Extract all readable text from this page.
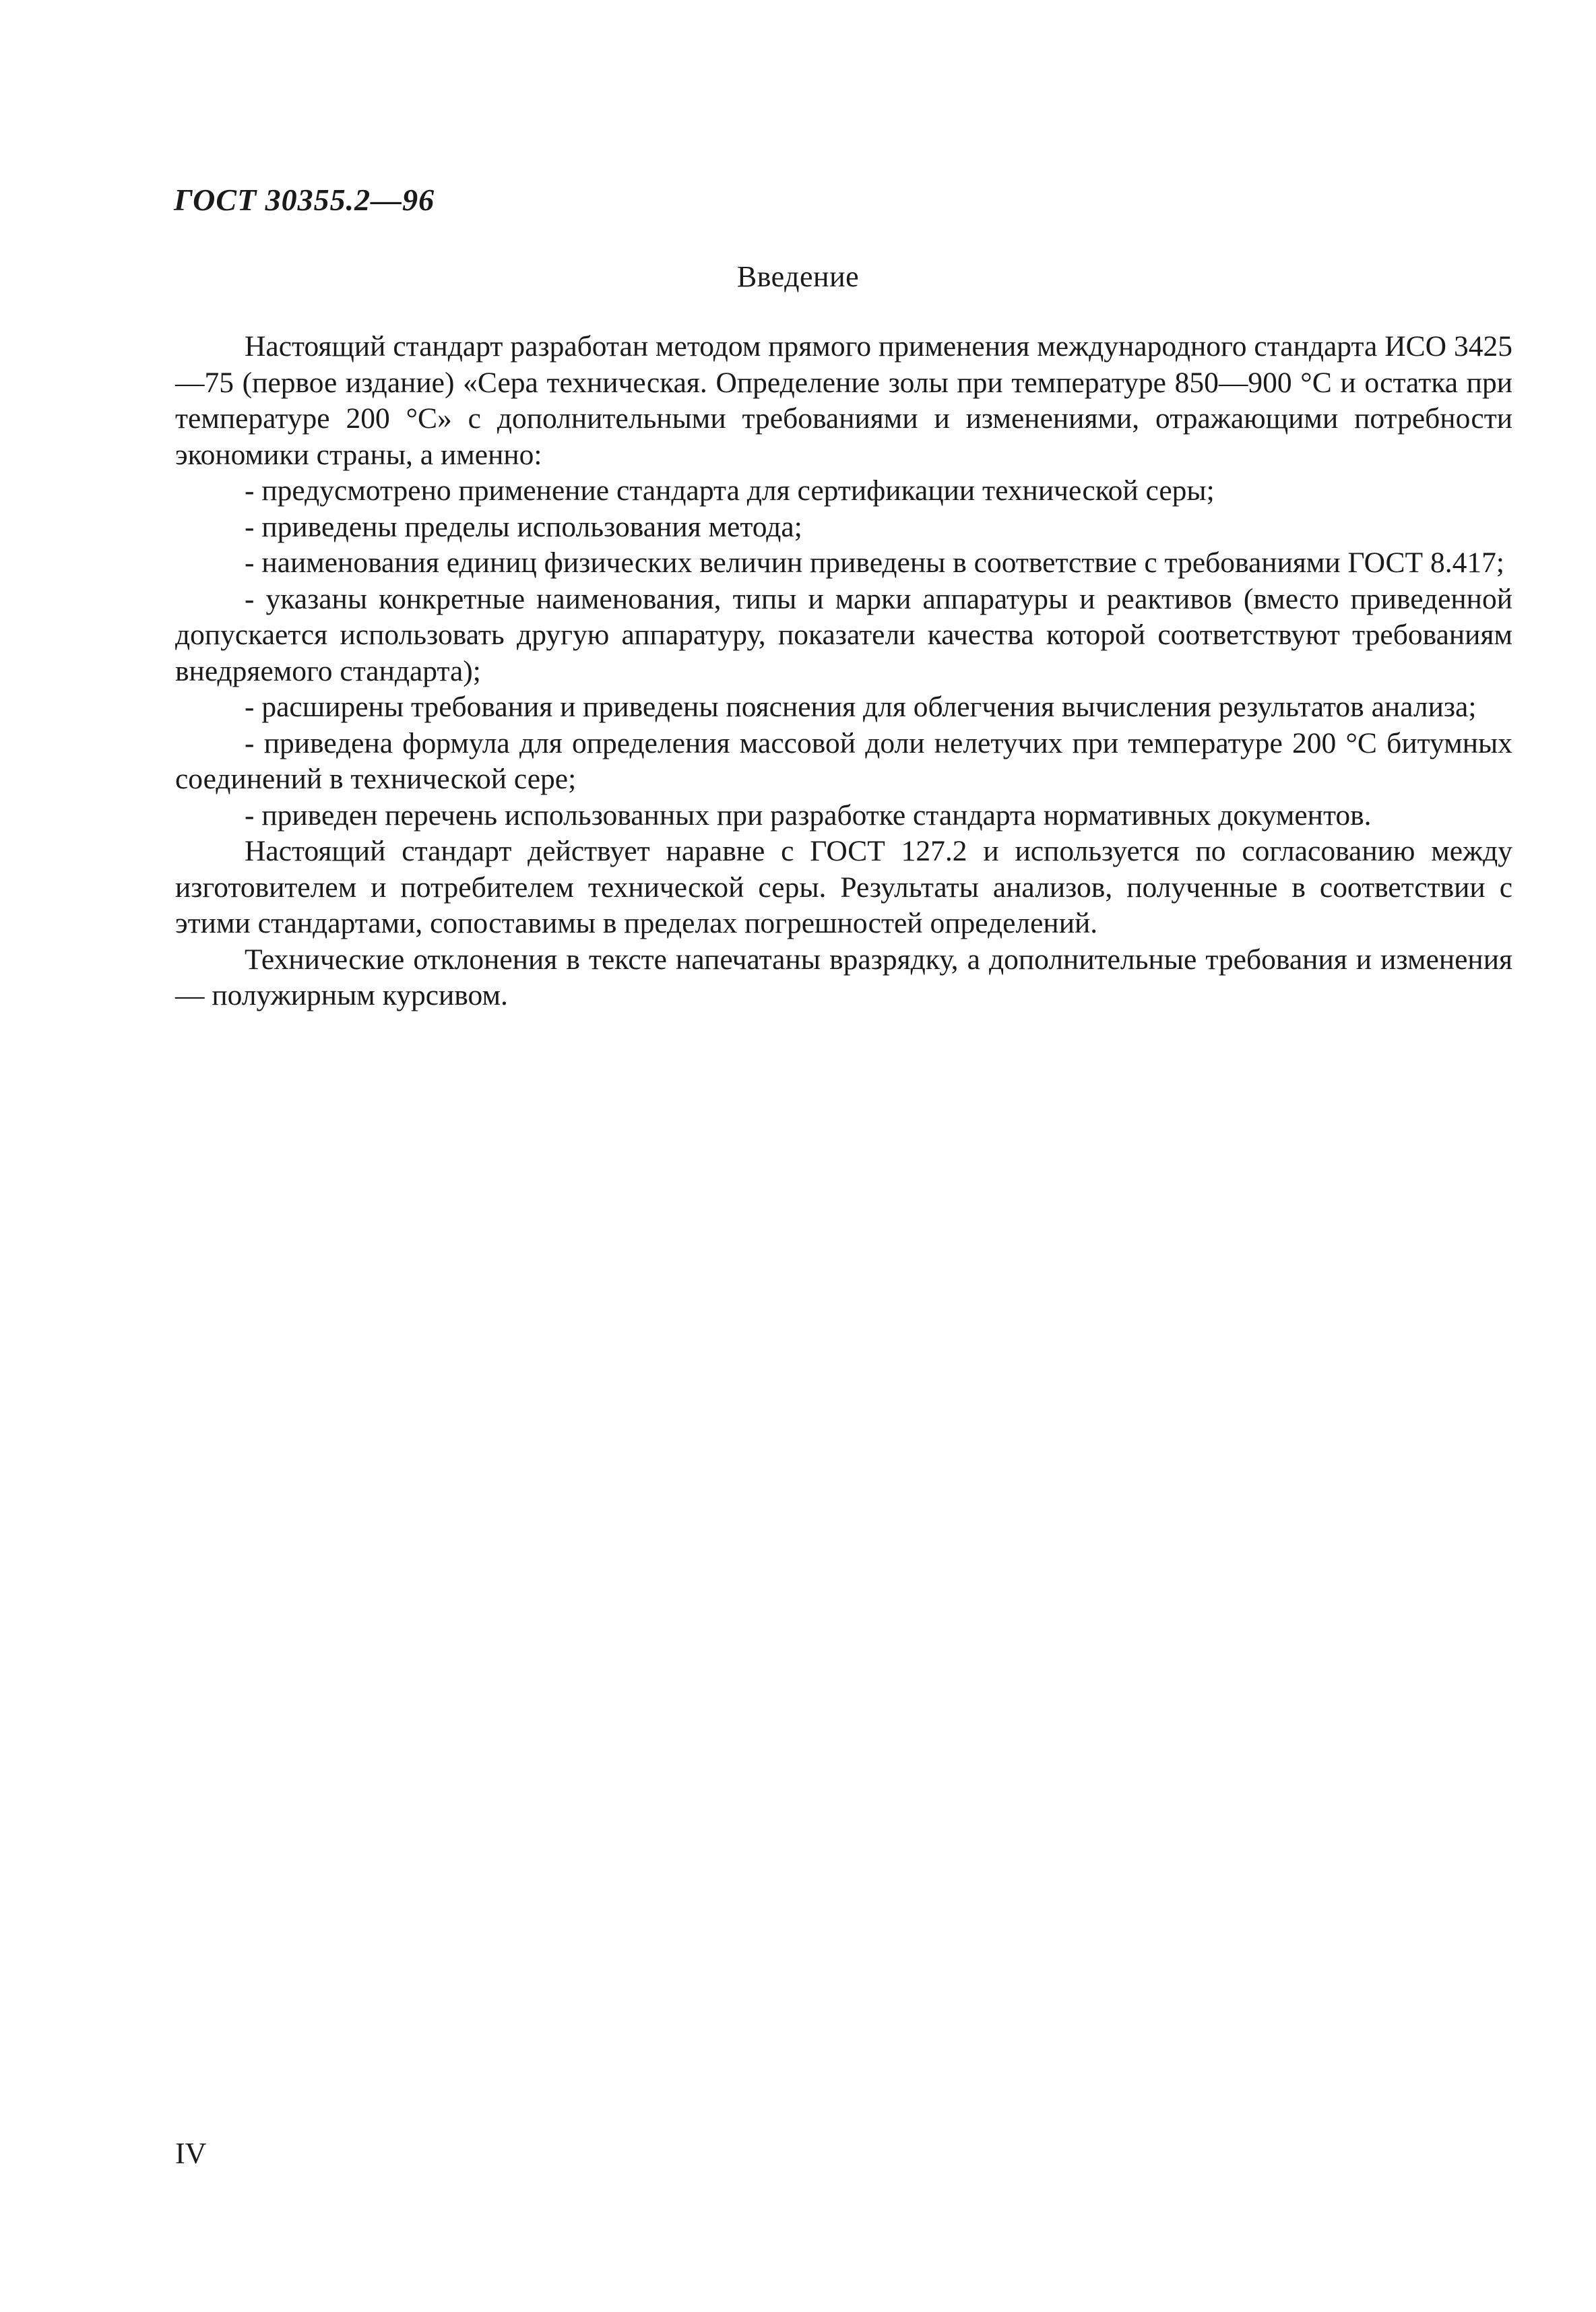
ГОСТ 30355.2—96
Введение

Настоящий стандарт разработан методом прямого применения международного стандарта ИСО 3425—75 (первое издание) «Сера техническая. Определение золы при температуре 850—900 °С и остатка при температуре 200 °С» с дополнительными требованиями и изменениями, отражающими потребности экономики страны, а именно:

- предусмотрено применение стандарта для сертификации технической серы;

- приведены пределы использования метода;

- наименования единиц физических величин приведены в соответствие с требованиями ГОСТ 8.417;

- указаны конкретные наименования, типы и марки аппаратуры и реактивов (вместо приведенной допускается использовать другую аппаратуру, показатели качества которой соответствуют требованиям внедряемого стандарта);

- расширены требования и приведены пояснения для облегчения вычисления результатов анализа;

- приведена формула для определения массовой доли нелетучих при температуре 200 °С битумных соединений в технической сере;

- приведен перечень использованных при разработке стандарта нормативных документов.

Настоящий стандарт действует наравне с ГОСТ 127.2 и используется по согласованию между изготовителем и потребителем технической серы. Результаты анализов, полученные в соответствии с этими стандартами, сопоставимы в пределах погрешностей определений.

Технические отклонения в тексте напечатаны вразрядку, а дополнительные требования и изменения — полужирным курсивом.

IV
